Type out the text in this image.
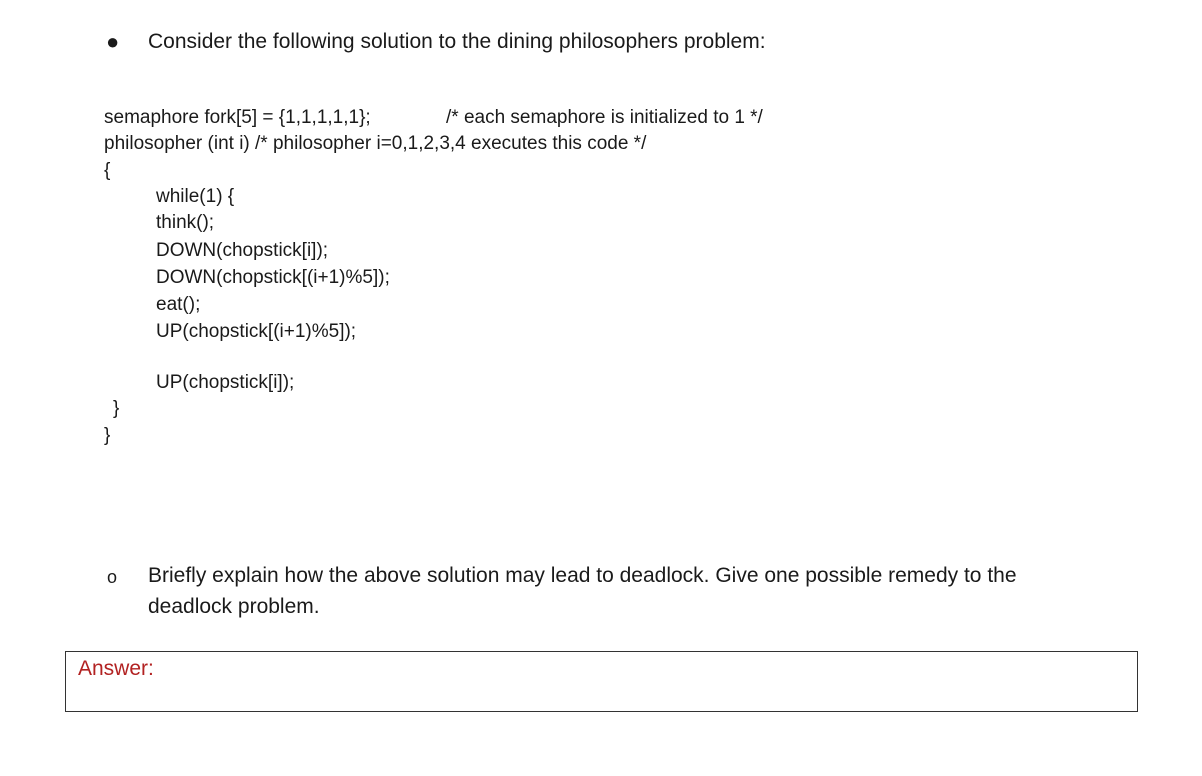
● Consider the following solution to the dining philosophers problem:
semaphore fork[5] = {1,1,1,1,1};	/* each semaphore is initialized to 1 */
philosopher (int i) /* philosopher i=0,1,2,3,4 executes this code */
{
while(1) {
think();
DOWN(chopstick[i]);
DOWN(chopstick[(i+1)%5]);
eat();
UP(chopstick[(i+1)%5]);
UP(chopstick[i]);
}
}
o Briefly explain how the above solution may lead to deadlock. Give one possible remedy to the
deadlock problem.
Answer:
